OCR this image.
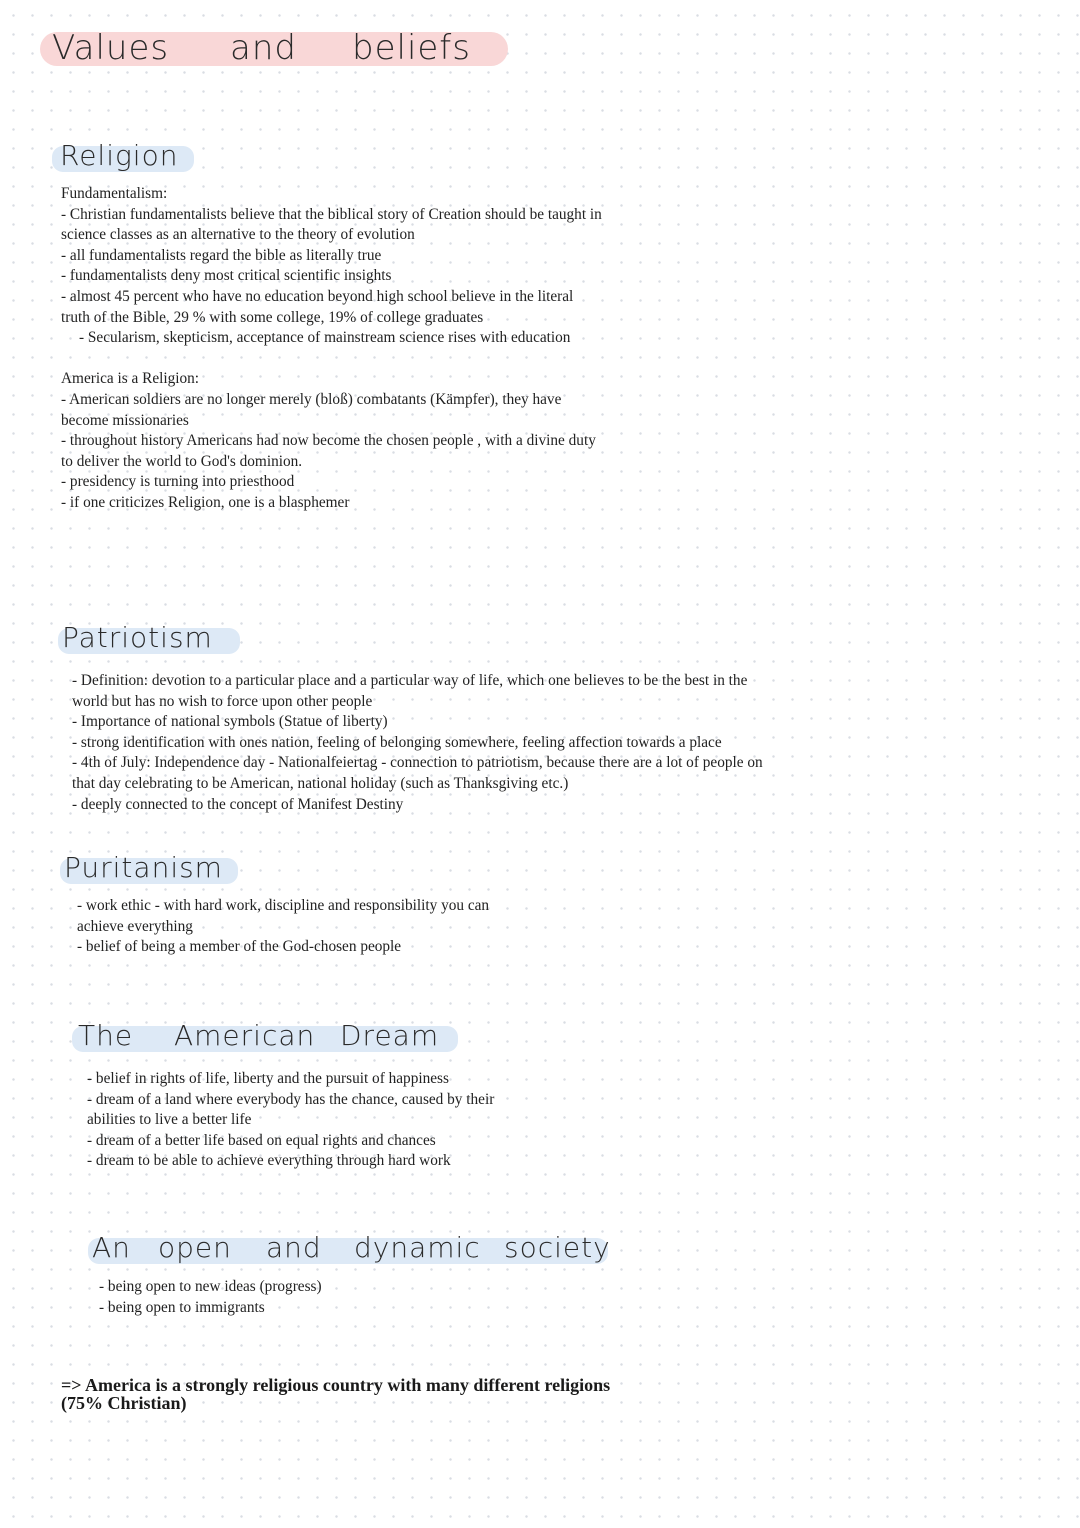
Values and beliefs
Religion
Fundamentalism:
- Christian fundamentalists believe that the biblical story of Creation should be taught in
science classes as an alternative to the theory of evolution
- all fundamentalists regard the bible as literally true
- fundamentalists deny most critical scientific insights
- almost 45 percent who have no education beyond high school believe in the literal
truth of the Bible, 29 % with some college, 19% of college graduates
- Secularism, skepticism, acceptance of mainstream science rises with education
America is a Religion:
- American soldiers are no longer merely (bloß) combatants (Kämpfer), they have
become missionaries
- throughout history Americans had now become the chosen people , with a divine duty
to deliver the world to God's dominion.
- presidency is turning into priesthood
- if one criticizes Religion, one is a blasphemer
Patriotism
- Definition: devotion to a particular place and a particular way of life, which one believes to be the best in the
world but has no wish to force upon other people
- Importance of national symbols (Statue of liberty)
- strong identification with ones nation, feeling of belonging somewhere, feeling affection towards a place
- 4th of July: Independence day - Nationalfeiertag - connection to patriotism, because there are a lot of people on
that day celebrating to be American, national holiday (such as Thanksgiving etc.)
- deeply connected to the concept of Manifest Destiny
Puritanism
- work ethic - with hard work, discipline and responsibility you can
achieve everything
- belief of being a member of the God-chosen people
The American Dream
- belief in rights of life, liberty and the pursuit of happiness
- dream of a land where everybody has the chance, caused by their
abilities to live a better life
- dream of a better life based on equal rights and chances
- dream to be able to achieve everything through hard work
An open and dynamic society
- being open to new ideas (progress)
- being open to immigrants
=> America is a strongly religious country with many different religions
(75% Christian)
